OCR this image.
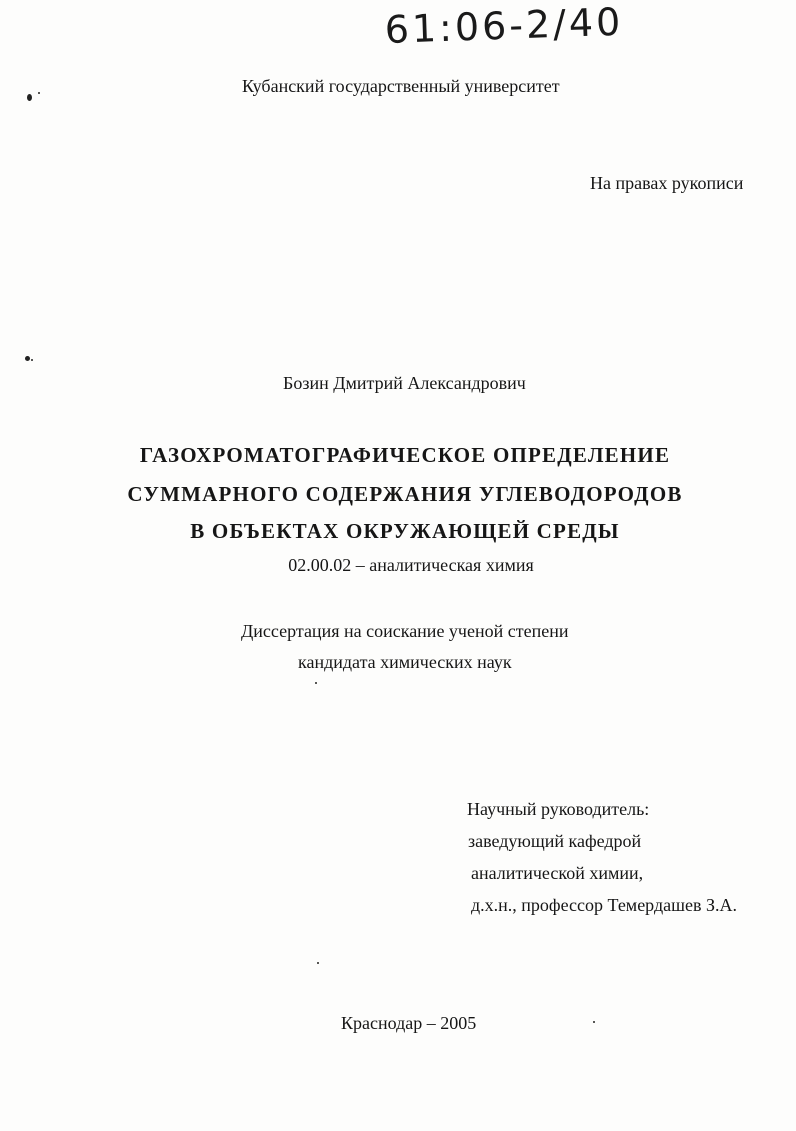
61:06-2/40
Кубанский государственный университет
На правах рукописи
Бозин Дмитрий Александрович
ГАЗОХРОМАТОГРАФИЧЕСКОЕ ОПРЕДЕЛЕНИЕ
СУММАРНОГО СОДЕРЖАНИЯ УГЛЕВОДОРОДОВ
В ОБЪЕКТАХ ОКРУЖАЮЩЕЙ СРЕДЫ
02.00.02 – аналитическая химия
Диссертация на соискание ученой степени
кандидата химических наук
Научный руководитель:
заведующий кафедрой
аналитической химии,
д.х.н., профессор Темердашев З.А.
Краснодар – 2005
